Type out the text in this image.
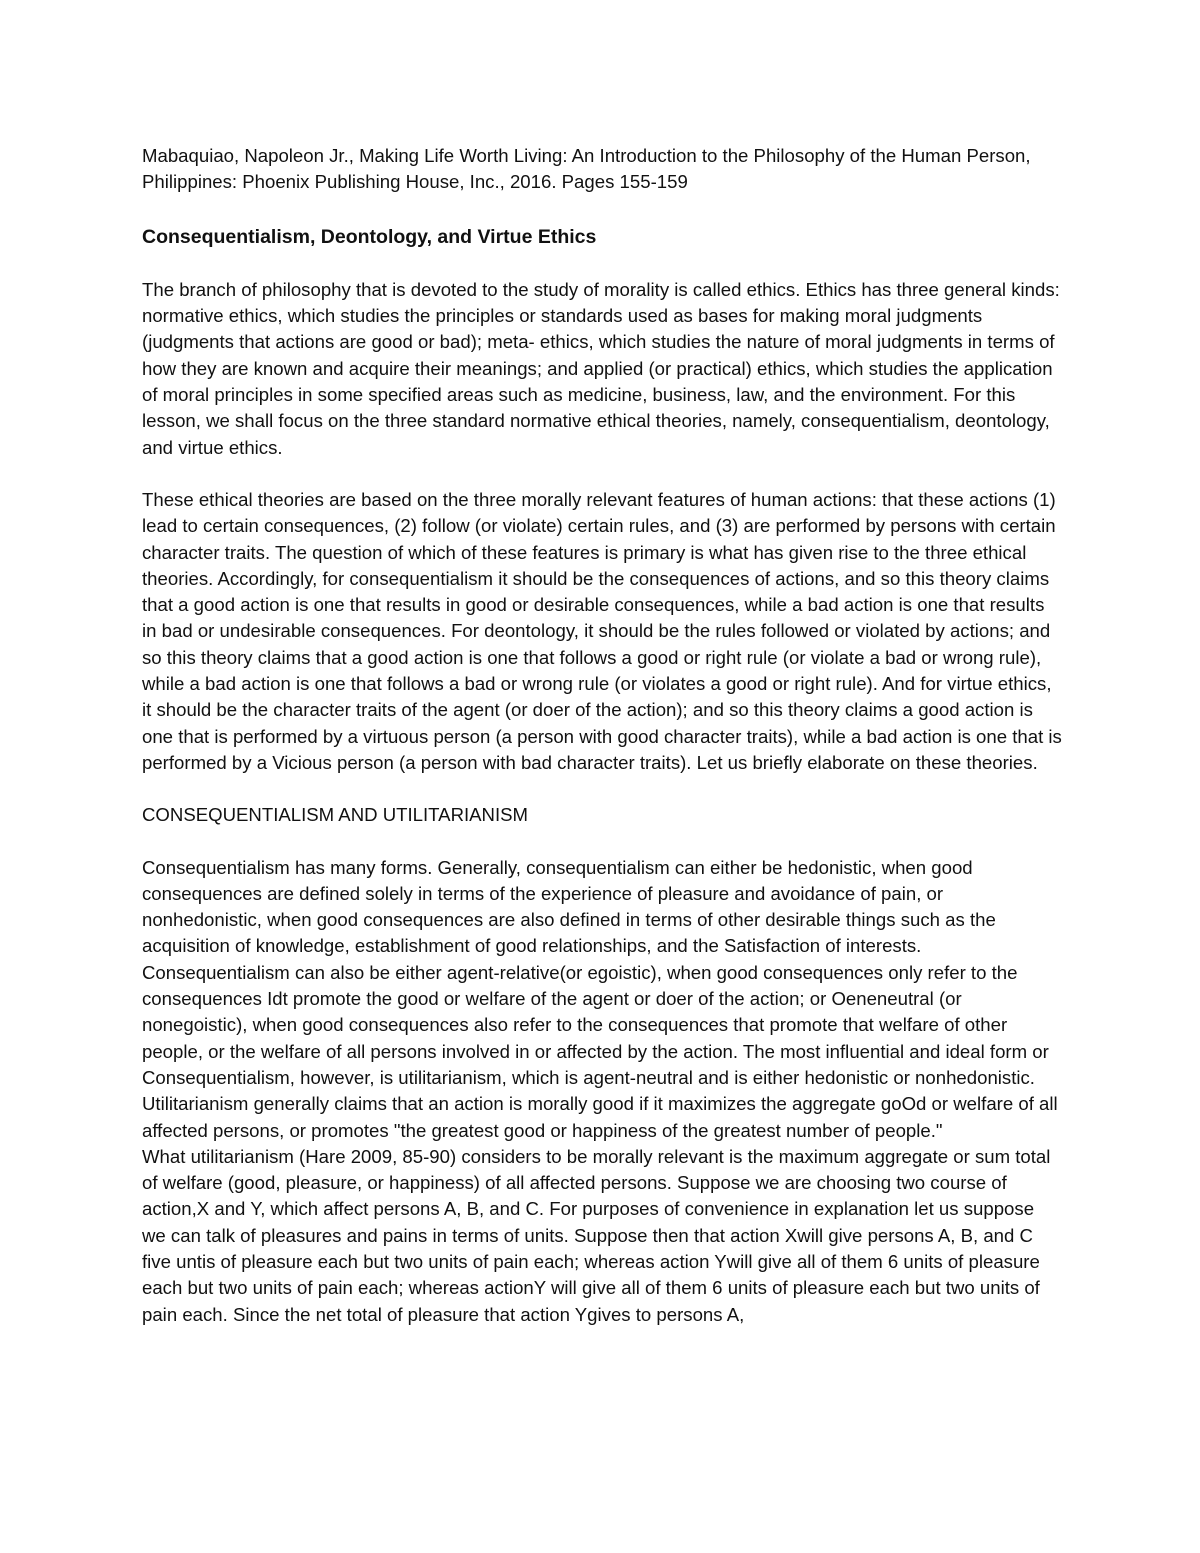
Mabaquiao, Napoleon Jr., Making Life Worth Living: An Introduction to the Philosophy of the Human Person, Philippines: Phoenix Publishing House, Inc., 2016. Pages 155-159

Consequentialism, Deontology, and Virtue Ethics

The branch of philosophy that is devoted to the study of morality is called ethics. Ethics has three general kinds: normative ethics, which studies the principles or standards used as bases for making moral judgments (judgments that actions are good or bad); meta- ethics, which studies the nature of moral judgments in terms of how they are known and acquire their meanings; and applied (or practical) ethics, which studies the application of moral principles in some specified areas such as medicine, business, law, and the environment. For this lesson, we shall focus on the three standard normative ethical theories, namely, consequentialism, deontology, and virtue ethics.

These ethical theories are based on the three morally relevant features of human actions: that these actions (1) lead to certain consequences, (2) follow (or violate) certain rules, and (3) are performed by persons with certain character traits. The question of which of these features is primary is what has given rise to the three ethical theories. Accordingly, for consequentialism it should be the consequences of actions, and so this theory claims that a good action is one that results in good or desirable consequences, while a bad action is one that results in bad or undesirable consequences. For deontology, it should be the rules followed or violated by actions; and so this theory claims that a good action is one that follows a good or right rule (or violate a bad or wrong rule), while a bad action is one that follows a bad or wrong rule (or violates a good or right rule). And for virtue ethics, it should be the character traits of the agent (or doer of the action); and so this theory claims a good action is one that is performed by a virtuous person (a person with good character traits), while a bad action is one that is performed by a Vicious person (a person with bad character traits). Let us briefly elaborate on these theories.

CONSEQUENTIALISM AND UTILITARIANISM

Consequentialism has many forms. Generally, consequentialism can either be hedonistic, when good consequences are defined solely in terms of the experience of pleasure and avoidance of pain, or nonhedonistic, when good consequences are also defined in terms of other desirable things such as the acquisition of knowledge, establishment of good relationships, and the Satisfaction of interests. Consequentialism can also be either agent-relative(or egoistic), when good consequences only refer to the consequences Idt promote the good or welfare of the agent or doer of the action; or Oeneneutral (or nonegoistic), when good consequences also refer to the consequences that promote that welfare of other people, or the welfare of all persons involved in or affected by the action. The most influential and ideal form or Consequentialism, however, is utilitarianism, which is agent-neutral and is either hedonistic or nonhedonistic. Utilitarianism generally claims that an action is morally good if it maximizes the aggregate goOd or welfare of all affected persons, or promotes "the greatest good or happiness of the greatest number of people."

What utilitarianism (Hare 2009, 85-90) considers to be morally relevant is the maximum aggregate or sum total of welfare (good, pleasure, or happiness) of all affected persons. Suppose we are choosing two course of action,X and Y, which affect persons A, B, and C. For purposes of convenience in explanation let us suppose we can talk of pleasures and pains in terms of units. Suppose then that action Xwill give persons A, B, and C five untis of pleasure each but two units of pain each; whereas action Ywill give all of them 6 units of pleasure each but two units of pain each; whereas actionY will give all of them 6 units of pleasure each but two units of pain each. Since the net total of pleasure that action Ygives to persons A,
